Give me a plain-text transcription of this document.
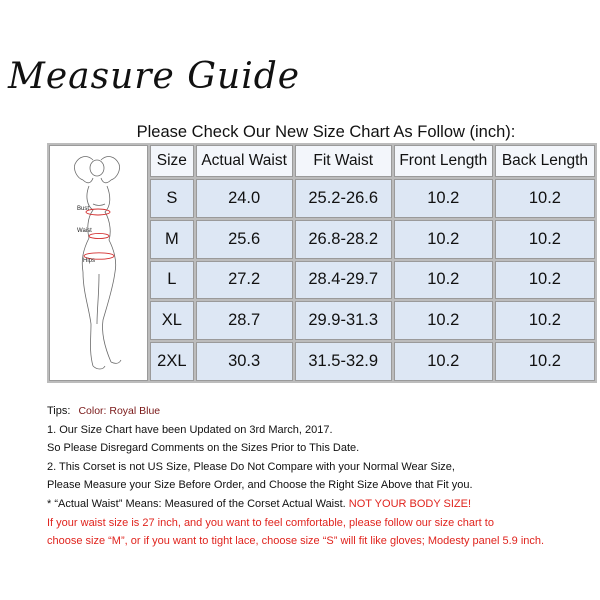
Measure Guide
Please Check Our New Size Chart As Follow (inch):
Bust
Waist
Hips	Size	Actual Waist	Fit Waist	Front Length	Back Length
	S	24.0	25.2-26.6	10.2	10.2
	M	25.6	26.8-28.2	10.2	10.2
	L	27.2	28.4-29.7	10.2	10.2
	XL	28.7	29.9-31.3	10.2	10.2
	2XL	30.3	31.5-32.9	10.2	10.2
Tips: Color: Royal Blue
1. Our Size Chart have been Updated on 3rd March, 2017.
So Please Disregard Comments on the Sizes Prior to This Date.
2. This Corset is not US Size, Please Do Not Compare with your Normal Wear Size,
Please Measure your Size Before Order, and Choose the Right Size Above that Fit you.
* “Actual Waist” Means: Measured of the Corset Actual Waist. NOT YOUR BODY SIZE!
If your waist size is 27 inch, and you want to feel comfortable, please follow our size chart to
choose size “M”, or if you want to tight lace, choose size “S” will fit like gloves; Modesty panel 5.9 inch.
